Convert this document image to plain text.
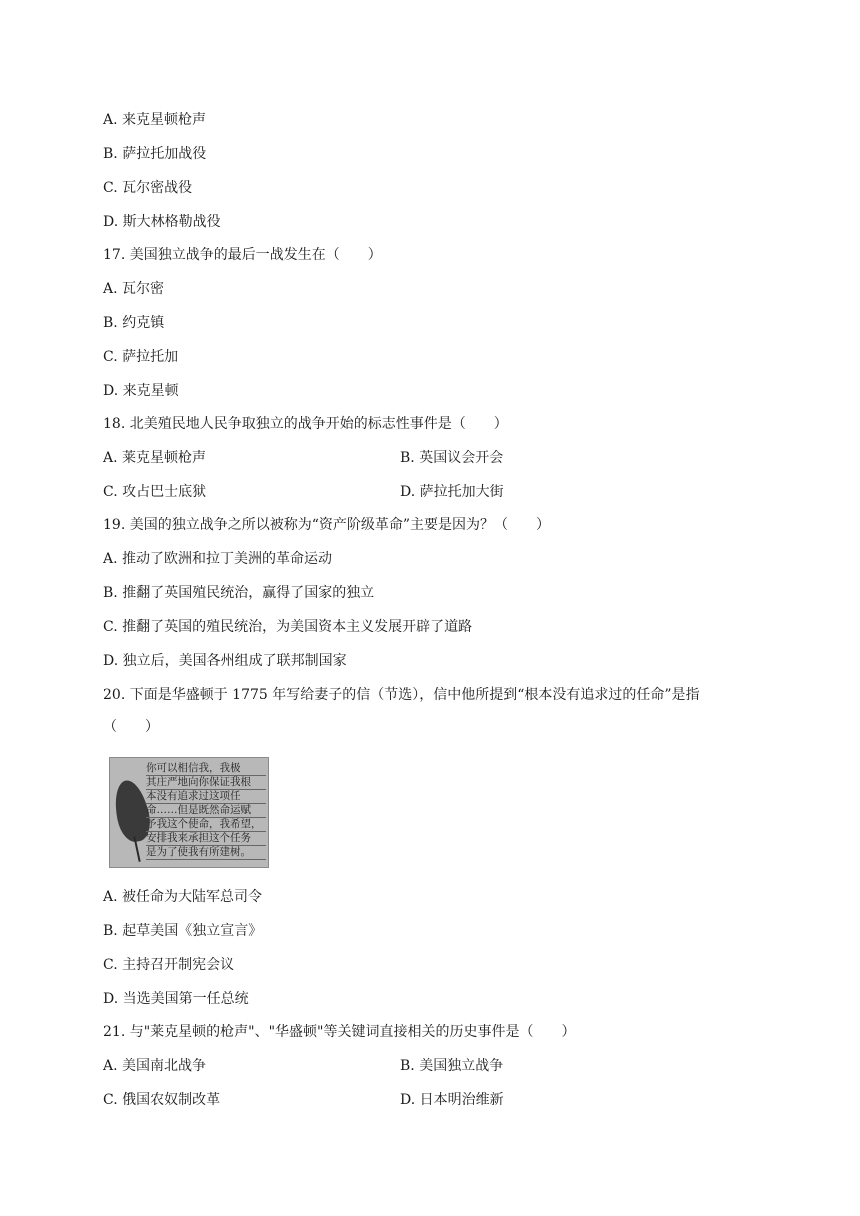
A. 来克星顿枪声
B. 萨拉托加战役
C. 瓦尔密战役
D. 斯大林格勒战役
17. 美国独立战争的最后一战发生在（　　）
A. 瓦尔密
B. 约克镇
C. 萨拉托加
D. 来克星顿
18. 北美殖民地人民争取独立的战争开始的标志性事件是（　　）
A. 莱克星顿枪声	B. 英国议会开会
C. 攻占巴士底狱	D. 萨拉托加大街
19. 美国的独立战争之所以被称为“资产阶级革命”主要是因为？（　　）
A. 推动了欧洲和拉丁美洲的革命运动
B. 推翻了英国殖民统治，赢得了国家的独立
C. 推翻了英国的殖民统治，为美国资本主义发展开辟了道路
D. 独立后，美国各州组成了联邦制国家
20. 下面是华盛顿于 1775 年写给妻子的信（节选），信中他所提到“根本没有追求过的任命”是指
（　　）
你可以相信我，我极
其庄严地向你保证我根
本没有追求过这项任
命……但是既然命运赋
予我这个使命，我希望，
安排我来承担这个任务
是为了使我有所建树。
A. 被任命为大陆军总司令
B. 起草美国《独立宣言》
C. 主持召开制宪会议
D. 当选美国第一任总统
21. 与"莱克星顿的枪声"、"华盛顿"等关键词直接相关的历史事件是（　　）
A. 美国南北战争	B. 美国独立战争
C. 俄国农奴制改革	D. 日本明治维新
